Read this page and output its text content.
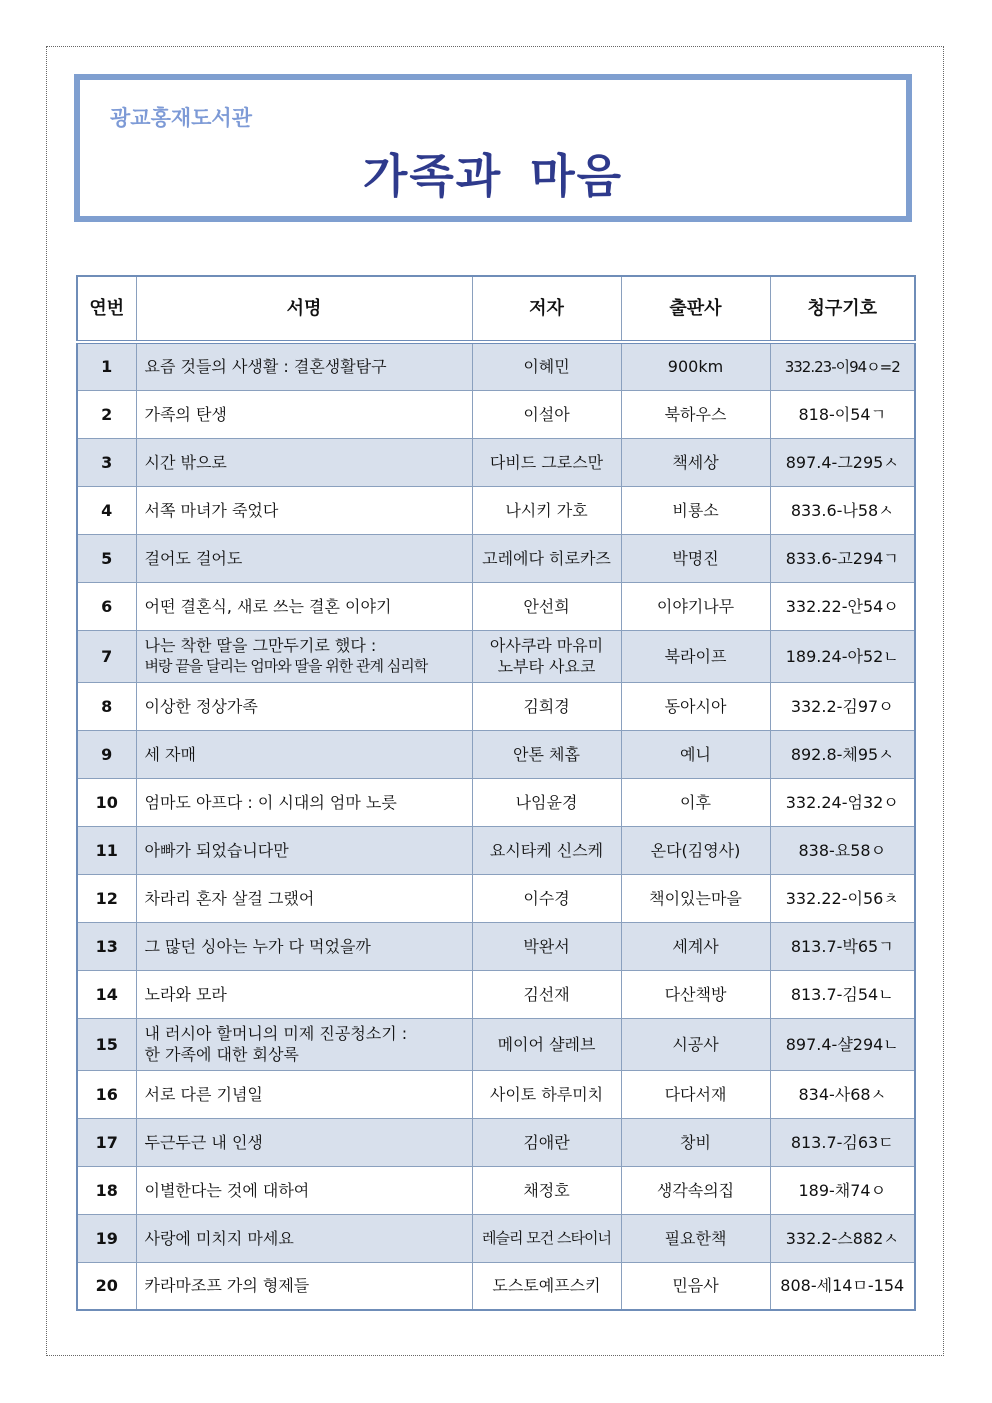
광교홍재도서관
가족과 마음
연번	서명	저자	출판사	청구기호
1	요즘 것들의 사생활 : 결혼생활탐구	이혜민	900km	332.23-이94ㅇ=2
2	가족의 탄생	이설아	북하우스	818-이54ㄱ
3	시간 밖으로	다비드 그로스만	책세상	897.4-그295ㅅ
4	서쪽 마녀가 죽었다	나시키 가호	비룡소	833.6-나58ㅅ
5	걸어도 걸어도	고레에다 히로카즈	박명진	833.6-고294ㄱ
6	어떤 결혼식, 새로 쓰는 결혼 이야기	안선희	이야기나무	332.22-안54ㅇ
7	나는 착한 딸을 그만두기로 했다 :
벼랑 끝을 달리는 엄마와 딸을 위한 관계 심리학	아사쿠라 마유미
노부타 사요코	북라이프	189.24-아52ㄴ
8	이상한 정상가족	김희경	동아시아	332.2-김97ㅇ
9	세 자매	안톤 체홉	예니	892.8-체95ㅅ
10	엄마도 아프다 : 이 시대의 엄마 노릇	나임윤경	이후	332.24-엄32ㅇ
11	아빠가 되었습니다만	요시타케 신스케	온다(김영사)	838-요58ㅇ
12	차라리 혼자 살걸 그랬어	이수경	책이있는마을	332.22-이56ㅊ
13	그 많던 싱아는 누가 다 먹었을까	박완서	세계사	813.7-박65ㄱ
14	노라와 모라	김선재	다산책방	813.7-김54ㄴ
15	내 러시아 할머니의 미제 진공청소기 :
한 가족에 대한 회상록	메이어 샬레브	시공사	897.4-샬294ㄴ
16	서로 다른 기념일	사이토 하루미치	다다서재	834-사68ㅅ
17	두근두근 내 인생	김애란	창비	813.7-김63ㄷ
18	이별한다는 것에 대하여	채정호	생각속의집	189-채74ㅇ
19	사랑에 미치지 마세요	레슬리 모건 스타이너	필요한책	332.2-스882ㅅ
20	카라마조프 가의 형제들	도스토예프스키	민음사	808-세14ㅁ-154
